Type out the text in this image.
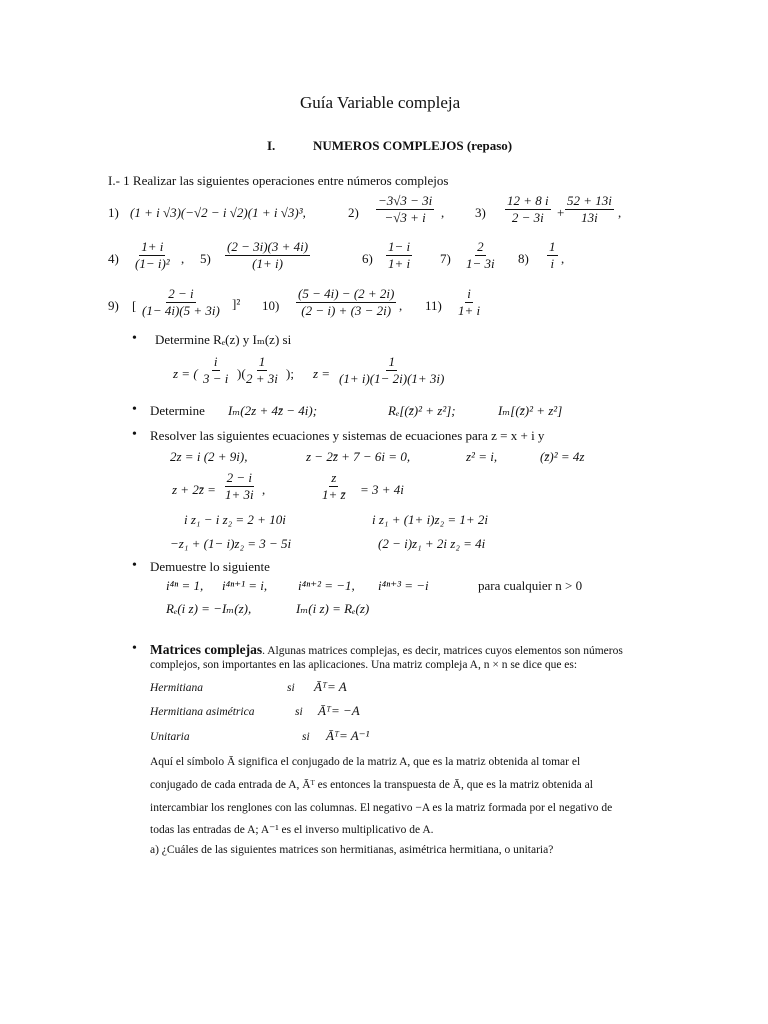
Guía Variable compleja
I.	NUMEROS COMPLEJOS (repaso)
I.- 1 Realizar las siguientes operaciones entre números complejos
1) (1 + i √3)(−√2 − i √2)(1 + i √3)³,	$2) \frac{-3√3 - 3i}{-√3 + i}$ , $3) \frac{12 + 8 i}{2 - 3i} + \frac{52 + 13i}{13i}$ ,
$4) \frac{1+ i}{\text{(1− i)²}}$ , $5) \frac{(2 - 3i)(3 + 4i)}{(1+ i)}$	$6) \frac{1- i}{1+ i} 7) \frac{2}{1- 3i} 8) \frac{1}{i}$ ,
9) [ $\frac{2 - i}{(1- 4i)(5 + 3i)} ]^2$ $10) \frac{(5 - 4i) - (2 + 2i)}{(2 - i) + (3 - 2i)}$ , $11) \frac{i}{1+ i}$
• Determine Rₑ(z) y Iₘ(z) si
z = ( $\frac{i}{3 - i}$ )(
$\frac{1}{2 + 3i}$ ); $z = \frac{1}{(1+ i)(1- 2i)(1+ 3i)}$
• Determine Iₘ(2z + 4z̄ − 4i);	Rₑ[(z̄)² + z²];	Iₘ[(z̄)² + z²]
• Resolver las siguientes ecuaciones y sistemas de ecuaciones para z = x + i y
2z = i (2 + 9i),	z − 2z̄ + 7 − 6i = 0,	z² = i,	(z̄)² = 4z
z + 2z̄ = $\frac{2 - i}{1+ 3i}$ ,	$\frac{z}{1+ z̄} = 3 + 4i$
i z₁ − i z₂ = 2 + 10i
−z₁ + (1− i)z₂ = 3 − 5i
i z₁ + (1+ i)z₂ = 1+ 2i
(2 − i)z₁ + 2i z₂ = 4i
• Demuestre lo siguiente
i⁴ⁿ = 1, i⁴ⁿ⁺¹ = i, i⁴ⁿ⁺² = −1, i⁴ⁿ⁺³ = −i	para cualquier n > 0
Rₑ(i z) = −Iₘ(z),	Iₘ(i z) = Rₑ(z)
• Matrices complejas. Algunas matrices complejas, es decir, matrices cuyos elementos son números
complejos, son importantes en las aplicaciones. Una matriz compleja A, n × n se dice que es:
Hermitiana	si Āᵀ= A
Hermitiana asimétrica	si Āᵀ= −A
Unitaria	si Āᵀ= A⁻¹
Aquí el símbolo Ā significa el conjugado de la matriz A, que es la matriz obtenida al tomar el
conjugado de cada entrada de A, Āᵀ es entonces la transpuesta de Ā, que es la matriz obtenida al
intercambiar los renglones con las columnas. El negativo −A es la matriz formada por el negativo de
todas las entradas de A; A⁻¹ es el inverso multiplicativo de A.
a) ¿Cuáles de las siguientes matrices son hermitianas, asimétrica hermitiana, o unitaria?
